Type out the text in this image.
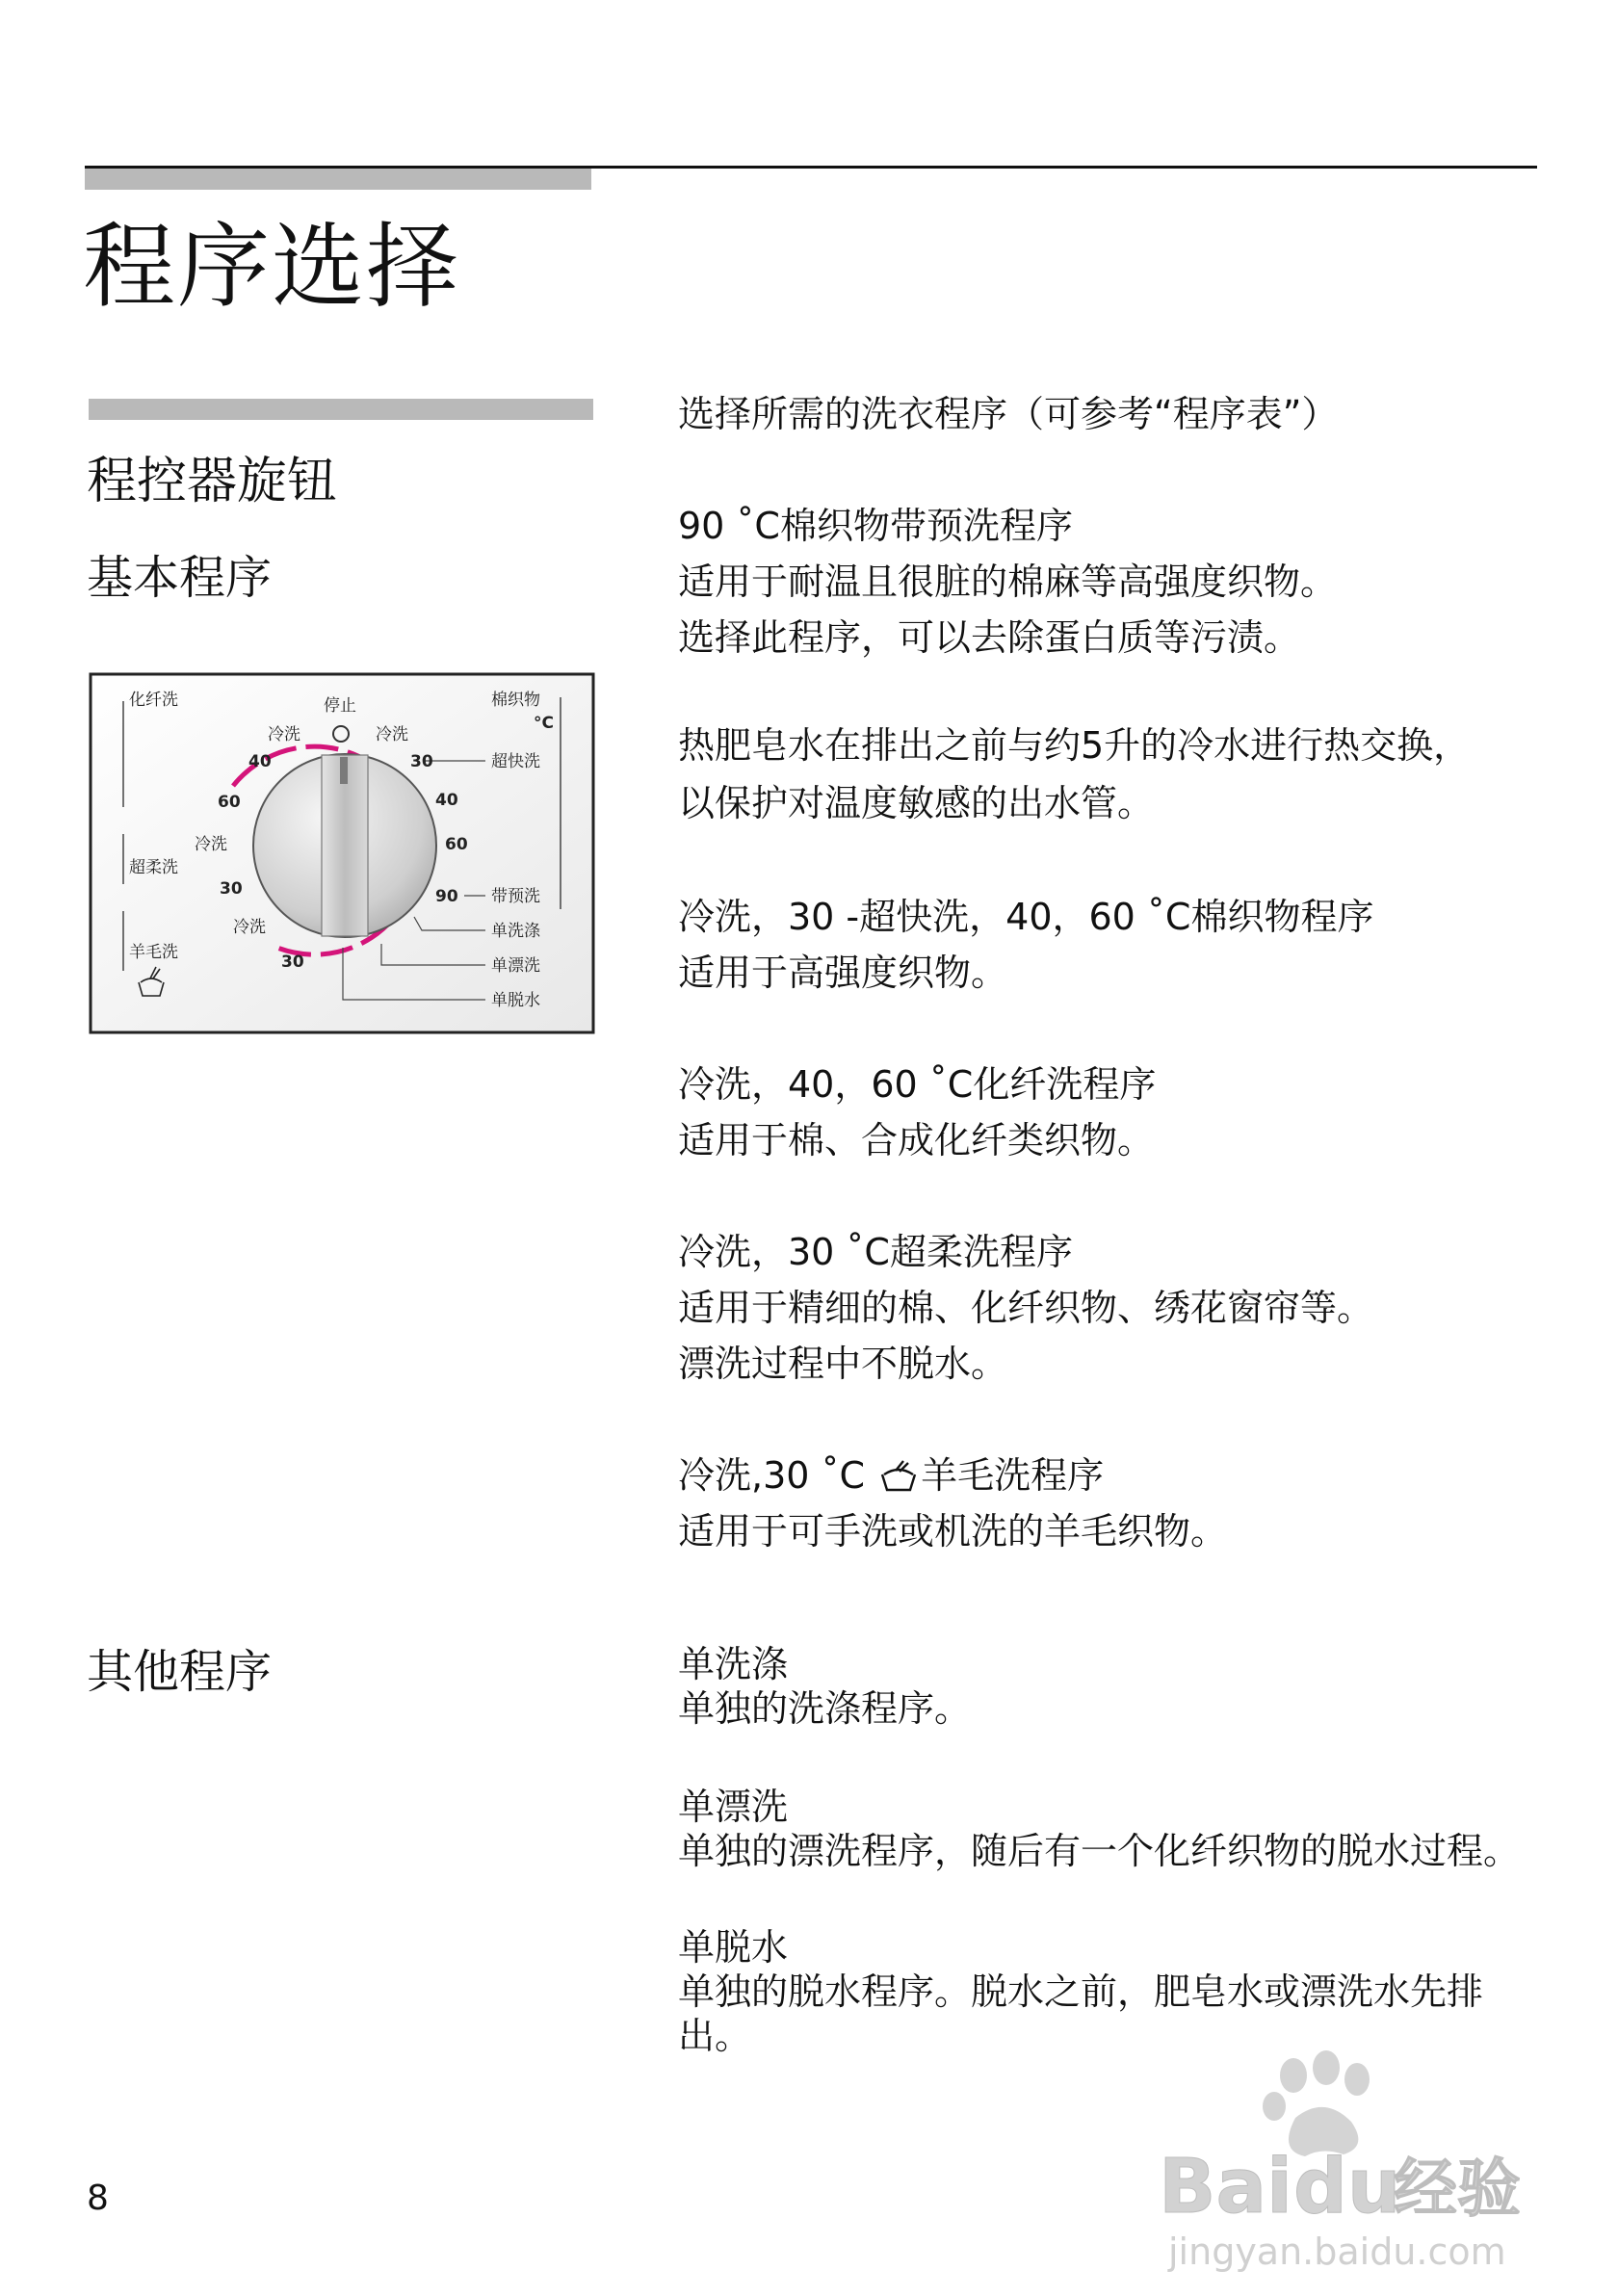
程序选择
程控器旋钮
基本程序
其他程序
化纤洗
超柔洗
羊毛洗
停止	棉织物
°C
冷洗	冷洗
冷洗
冷洗
40
60
30
30
30
40
60
90
超快洗
带预洗
单洗涤
单漂洗
单脱水
选择所需的洗衣程序（可参考“程序表”）
90 ˚C棉织物带预洗程序
适用于耐温且很脏的棉麻等高强度织物。
选择此程序，可以去除蛋白质等污渍。
热肥皂水在排出之前与约5升的冷水进行热交换，
以保护对温度敏感的出水管。
冷洗，30 -超快洗，40，60 ˚C棉织物程序
适用于高强度织物。
冷洗，40，60 ˚C化纤洗程序
适用于棉、合成化纤类织物。
冷洗，30 ˚C超柔洗程序
适用于精细的棉、化纤织物、绣花窗帘等。
漂洗过程中不脱水。
冷洗,30 ˚C 羊毛洗程序
适用于可手洗或机洗的羊毛织物。
单洗涤
单独的洗涤程序。
单漂洗
单独的漂洗程序，随后有一个化纤织物的脱水过程。
单脱水
单独的脱水程序。脱水之前，肥皂水或漂洗水先排
出。
8	Bai du
经验
jingyan.baidu.com
